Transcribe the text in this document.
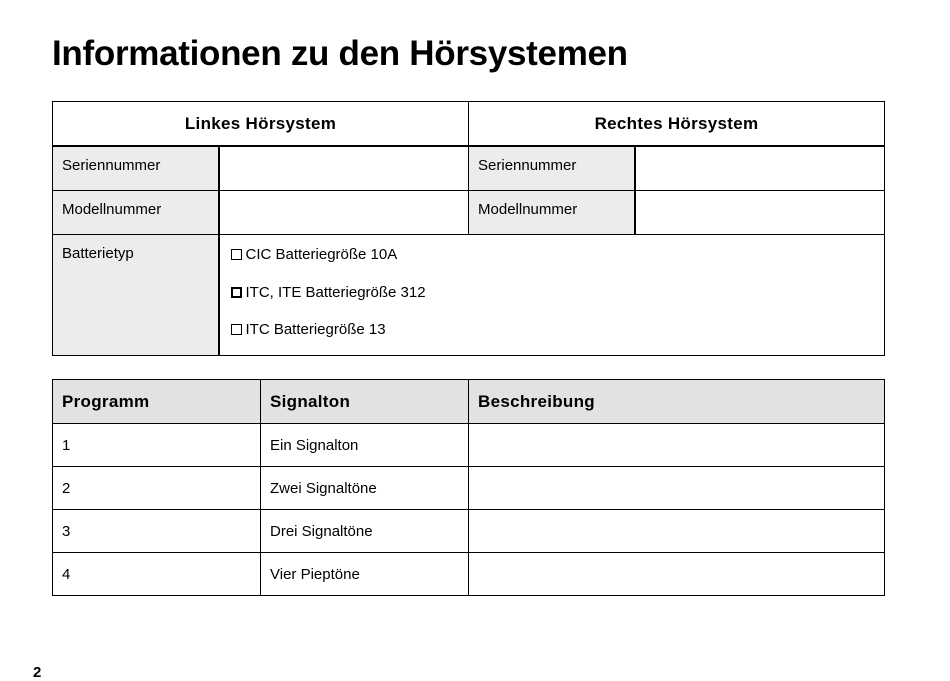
Informationen zu den Hörsystemen
Linkes Hörsystem		Rechtes Hörsystem	
Seriennummer		Seriennummer	
Modellnummer		Modellnummer	
Batterietyp	CIC Batteriegröße 10A
ITC, ITE Batteriegröße 312
ITC Batteriegröße 13		
Programm	Signalton	Beschreibung
1	Ein Signalton	
2	Zwei Signaltöne	
3	Drei Signaltöne	
4	Vier Pieptöne	
2
